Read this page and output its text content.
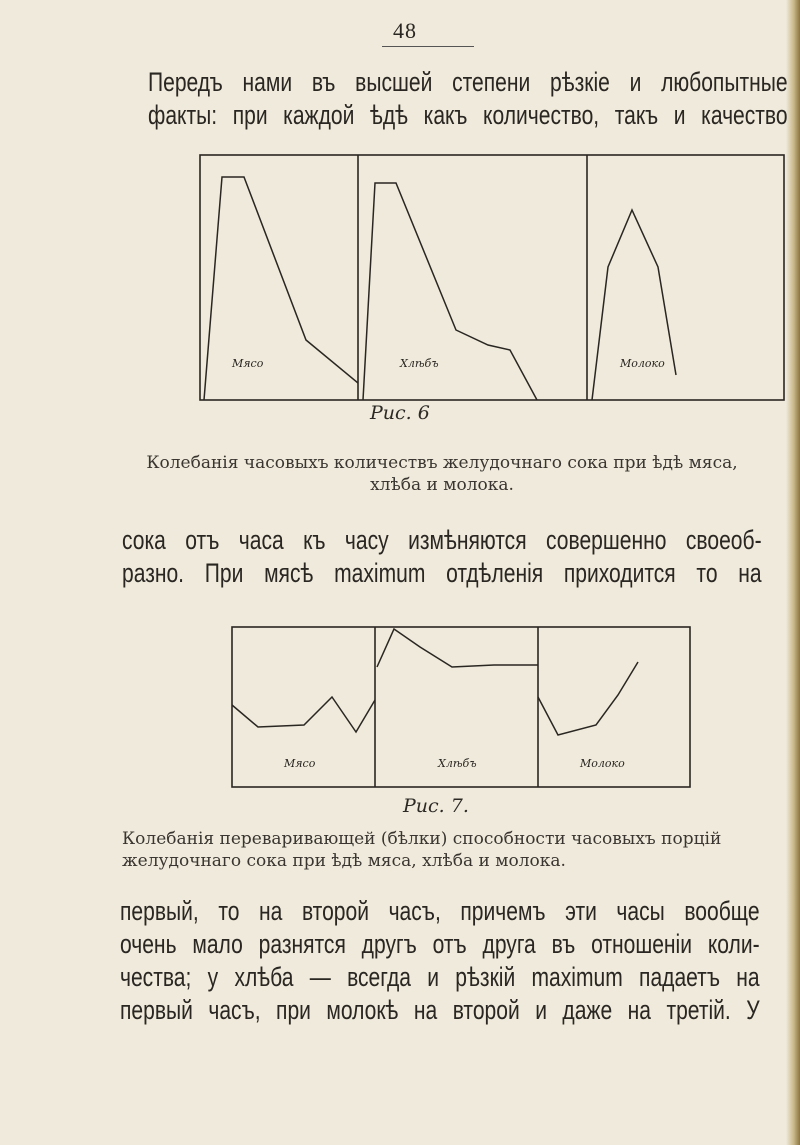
48
Передъ нами въ высшей степени рѣзкіе и любопытные
факты: при каждой ѣдѣ какъ количество, такъ и качество
Мясо	Хлѣбъ	Молоко
Рис. 6
Колебанія часовыхъ количествъ желудочнаго сока при ѣдѣ мяса, хлѣба и молока.
сока отъ часа къ часу измѣняются совершенно своеоб-
разно. При мясѣ maximum отдѣленія приходится то на
Мясо	Хлѣбъ	Молоко
Рис. 7.
Колебанія переваривающей (бѣлки) способности часовыхъ порцій желудочнаго сока при ѣдѣ мяса, хлѣба и молока.
первый, то на второй часъ, причемъ эти часы вообще
очень мало разнятся другъ отъ друга въ отношеніи коли-
чества; у хлѣба — всегда и рѣзкій maximum падаетъ на
первый часъ, при молокѣ на второй и даже на третій. У
